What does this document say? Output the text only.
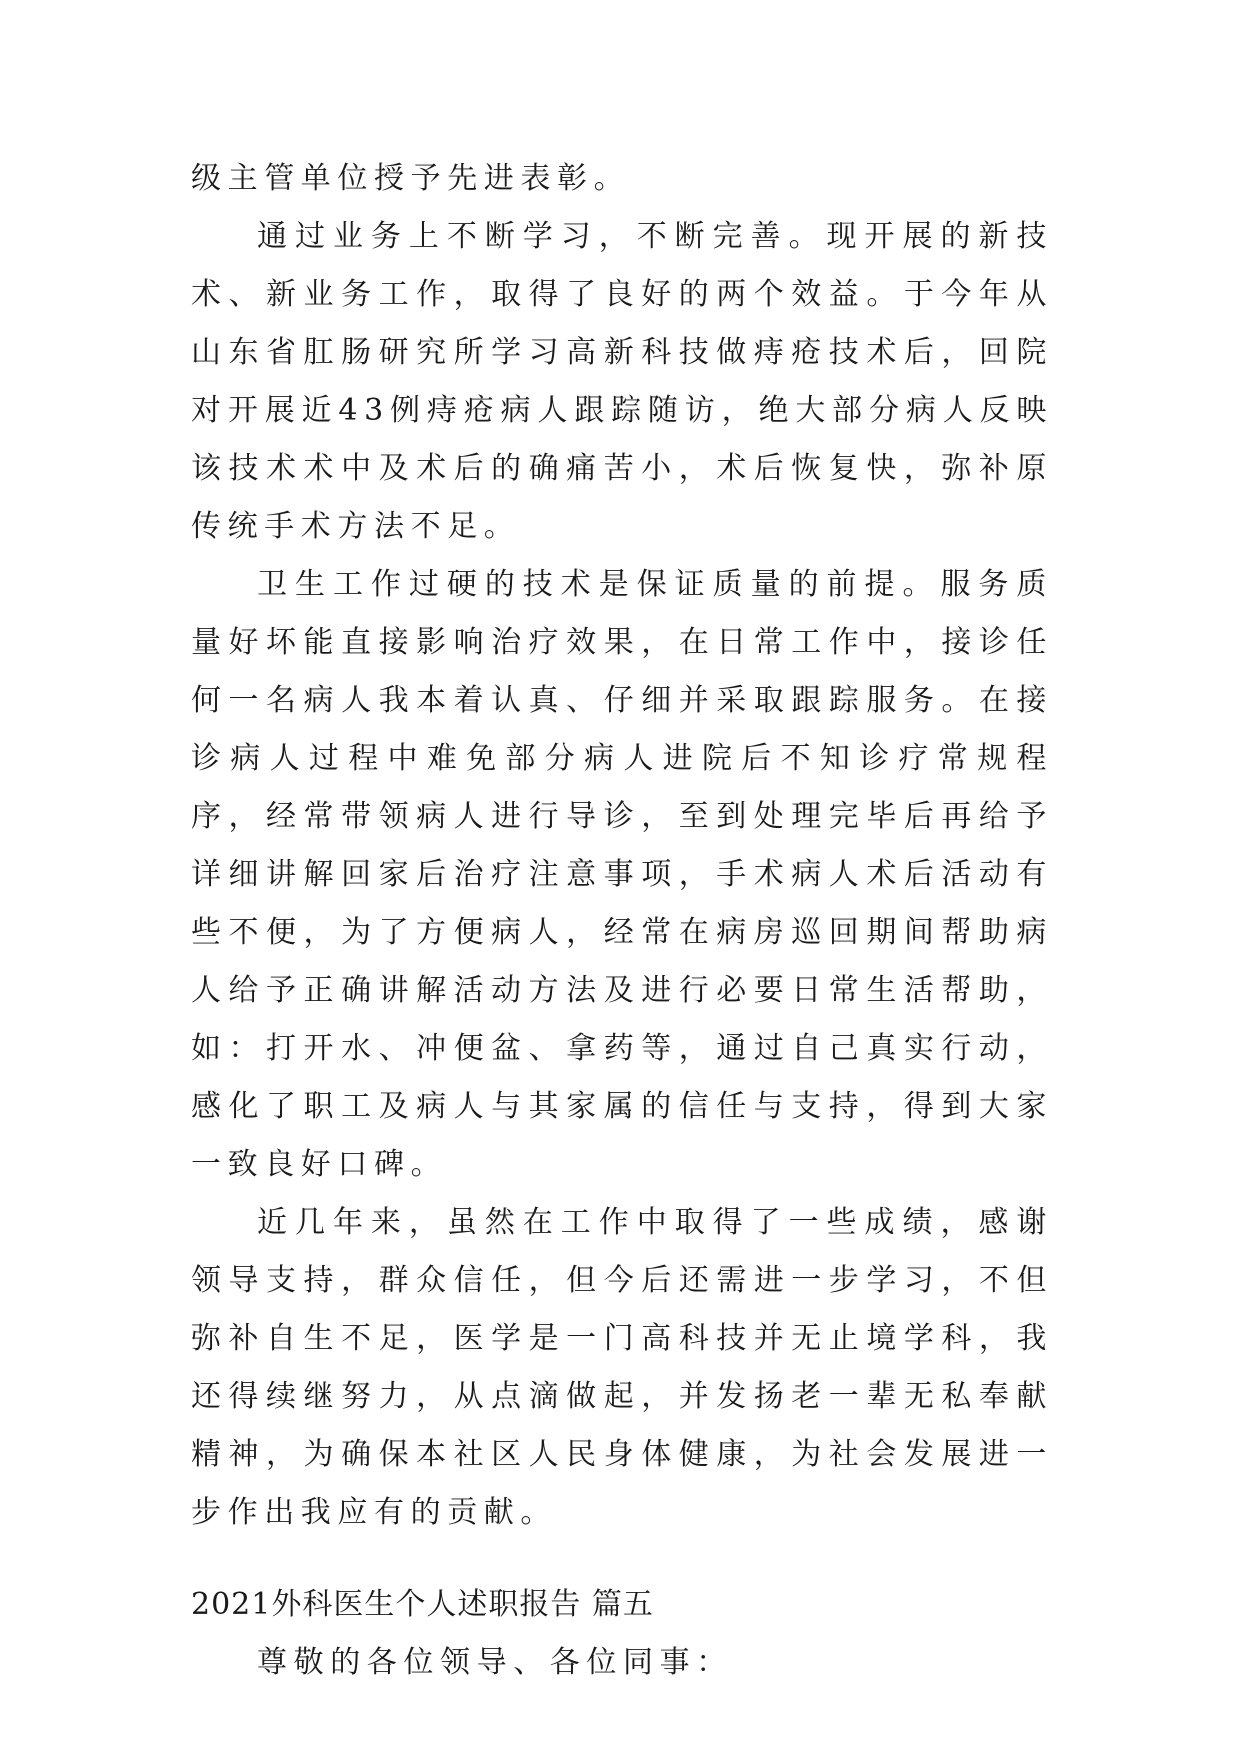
级主管单位授予先进表彰。

通过业务上不断学习，不断完善。现开展的新技术、新业务工作，取得了良好的两个效益。于今年从山东省肛肠研究所学习高新科技做痔疮技术后，回院对开展近43例痔疮病人跟踪随访，绝大部分病人反映该技术术中及术后的确痛苦小，术后恢复快，弥补原传统手术方法不足。

卫生工作过硬的技术是保证质量的前提。服务质量好坏能直接影响治疗效果，在日常工作中，接诊任何一名病人我本着认真、仔细并采取跟踪服务。在接诊病人过程中难免部分病人进院后不知诊疗常规程序，经常带领病人进行导诊，至到处理完毕后再给予详细讲解回家后治疗注意事项，手术病人术后活动有些不便，为了方便病人，经常在病房巡回期间帮助病人给予正确讲解活动方法及进行必要日常生活帮助，如：打开水、冲便盆、拿药等，通过自己真实行动，感化了职工及病人与其家属的信任与支持，得到大家一致良好口碑。

近几年来，虽然在工作中取得了一些成绩，感谢领导支持，群众信任，但今后还需进一步学习，不但弥补自生不足，医学是一门高科技并无止境学科，我还得续继努力，从点滴做起，并发扬老一辈无私奉献精神，为确保本社区人民身体健康，为社会发展进一步作出我应有的贡献。

2021外科医生个人述职报告 篇五

尊敬的各位领导、各位同事：
